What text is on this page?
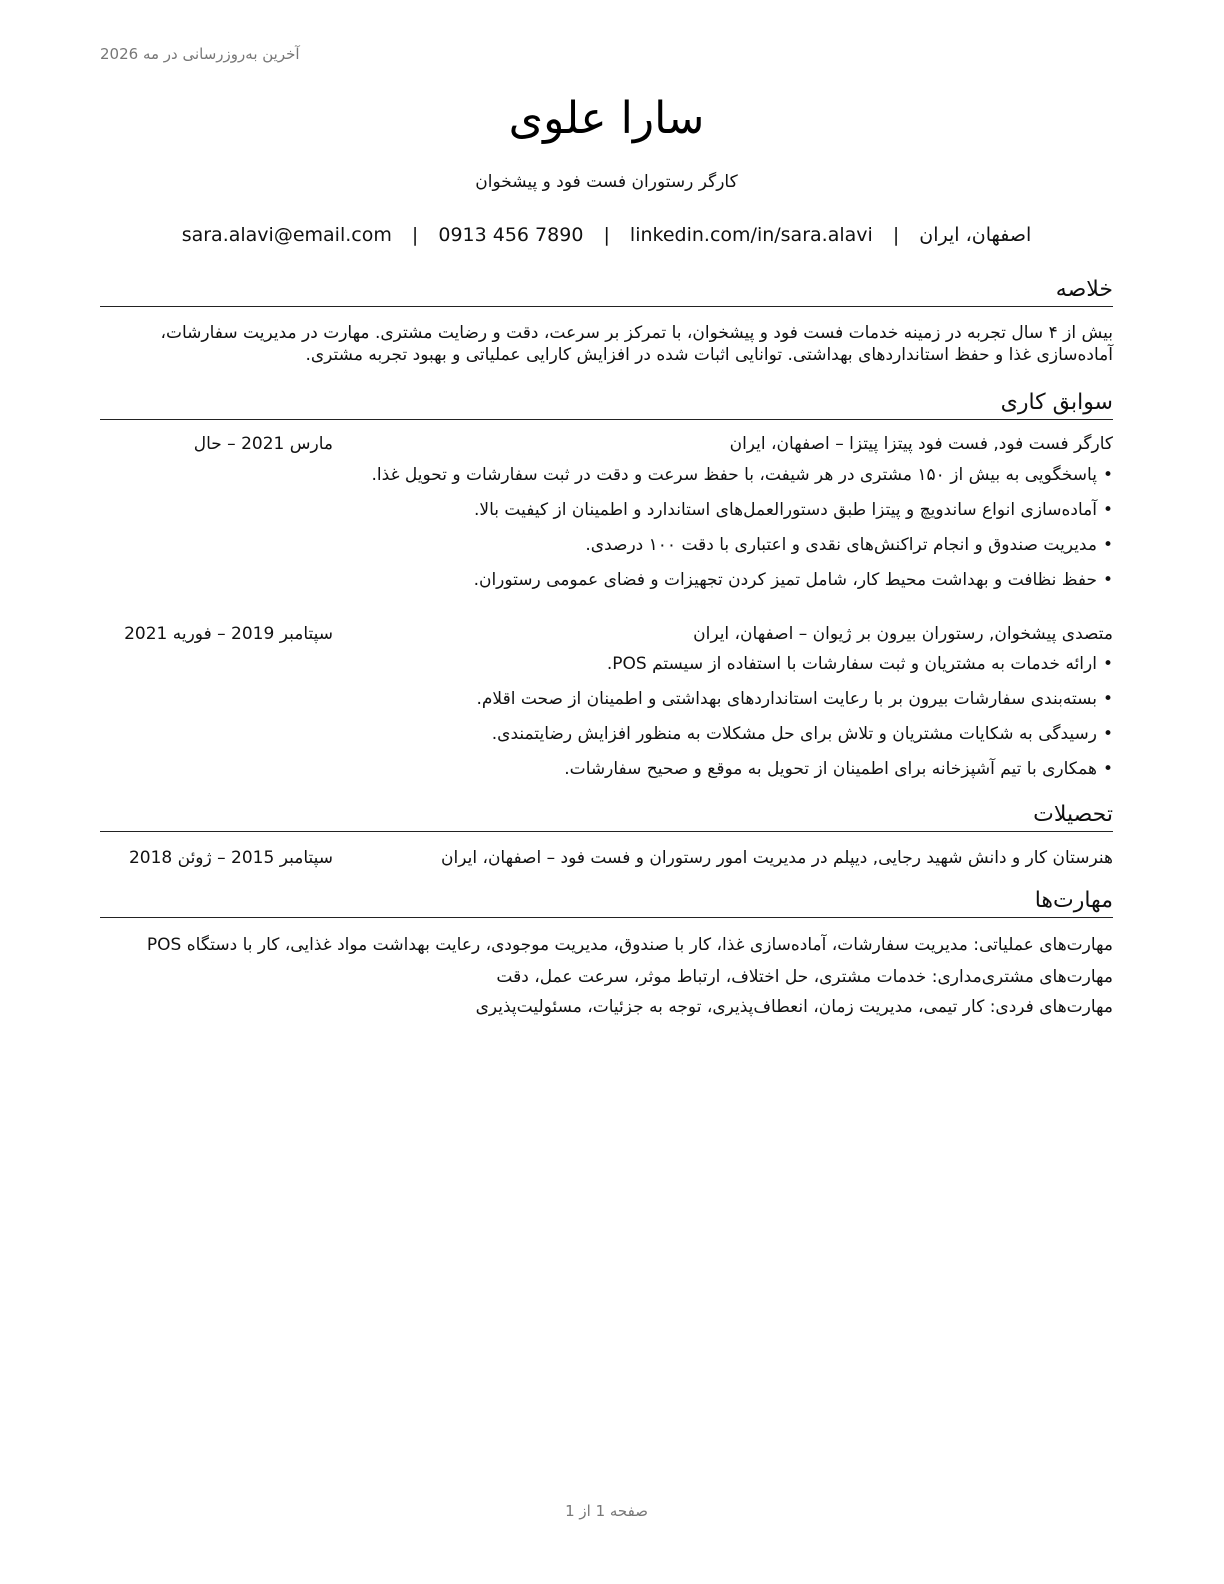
آخرین به‌روزرسانی در مه 2026
سارا علوی
کارگر رستوران فست فود و پیشخوان
اصفهان، ایران | sara.alavi@email.com | 0913 456 7890 | linkedin.com/in/sara.alavi
خلاصه
بیش از ۴ سال تجربه در زمینه خدمات فست فود و پیشخوان، با تمرکز بر سرعت، دقت و رضایت مشتری. مهارت در مدیریت سفارشات، آماده‌سازی غذا و حفظ استانداردهای بهداشتی. توانایی اثبات شده در افزایش کارایی عملیاتی و بهبود تجربه مشتری.
سوابق کاری
کارگر فست فود, فست فود پیتزا پیتزا – اصفهان، ایران
مارس 2021 – حال
•پاسخگویی به بیش از ۱۵۰ مشتری در هر شیفت، با حفظ سرعت و دقت در ثبت سفارشات و تحویل غذا.
•آماده‌سازی انواع ساندویچ و پیتزا طبق دستورالعمل‌های استاندارد و اطمینان از کیفیت بالا.
•مدیریت صندوق و انجام تراکنش‌های نقدی و اعتباری با دقت ۱۰۰ درصدی.
•حفظ نظافت و بهداشت محیط کار، شامل تمیز کردن تجهیزات و فضای عمومی رستوران.
متصدی پیشخوان, رستوران بیرون بر ژیوان – اصفهان، ایران
سپتامبر 2019 – فوریه 2021
•ارائه خدمات به مشتریان و ثبت سفارشات با استفاده از سیستم POS.
•بسته‌بندی سفارشات بیرون بر با رعایت استانداردهای بهداشتی و اطمینان از صحت اقلام.
•رسیدگی به شکایات مشتریان و تلاش برای حل مشکلات به منظور افزایش رضایتمندی.
•همکاری با تیم آشپزخانه برای اطمینان از تحویل به موقع و صحیح سفارشات.
تحصیلات
هنرستان کار و دانش شهید رجایی, دیپلم در مدیریت امور رستوران و فست فود – اصفهان، ایران
سپتامبر 2015 – ژوئن 2018
مهارت‌ها

مهارت‌های عملیاتی: مدیریت سفارشات، آماده‌سازی غذا، کار با صندوق، مدیریت موجودی، رعایت بهداشت مواد غذایی، کار با دستگاه POS

مهارت‌های مشتری‌مداری: خدمات مشتری، حل اختلاف، ارتباط موثر، سرعت عمل، دقت

مهارت‌های فردی: کار تیمی، مدیریت زمان، انعطاف‌پذیری، توجه به جزئیات، مسئولیت‌پذیری

صفحه 1 از 1
